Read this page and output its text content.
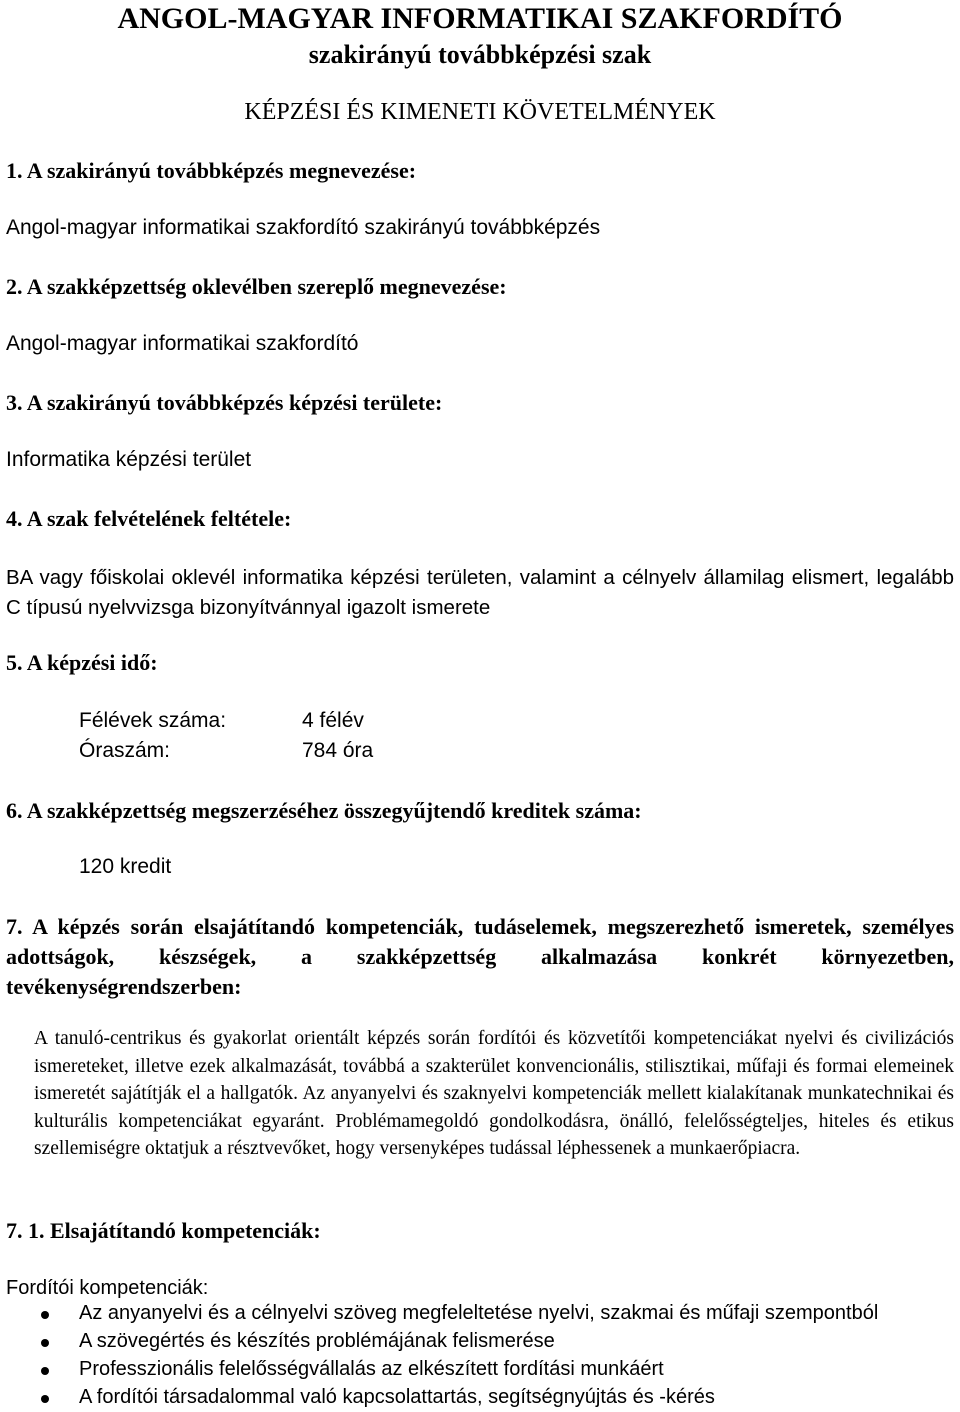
ANGOL-MAGYAR INFORMATIKAI SZAKFORDÍTÓ
szakirányú továbbképzési szak
KÉPZÉSI ÉS KIMENETI KÖVETELMÉNYEK
1. A szakirányú továbbképzés megnevezése:
Angol-magyar informatikai szakfordító szakirányú továbbképzés
2. A szakképzettség oklevélben szereplő megnevezése:
Angol-magyar informatikai szakfordító
3. A szakirányú továbbképzés képzési területe:
Informatika képzési terület
4. A szak felvételének feltétele:
BA vagy főiskolai oklevél informatika képzési területen, valamint a célnyelv államilag elismert, legalább C típusú nyelvvizsga bizonyítvánnyal igazolt ismerete
5. A képzési idő:
Félévek száma:	4 félév
Óraszám:	784 óra
6. A szakképzettség megszerzéséhez összegyűjtendő kreditek száma:
120 kredit
7. A képzés során elsajátítandó kompetenciák, tudáselemek, megszerezhető ismeretek, személyes adottságok, készségek, a szakképzettség alkalmazása konkrét környezetben, tevékenységrendszerben:
A tanuló-centrikus és gyakorlat orientált képzés során fordítói és közvetítői kompetenciákat nyelvi és civilizációs ismereteket, illetve ezek alkalmazását, továbbá a szakterület konvencionális, stilisztikai, műfaji és formai elemeinek ismeretét sajátítják el a hallgatók. Az anyanyelvi és szaknyelvi kompetenciák mellett kialakítanak munkatechnikai és kulturális kompetenciákat egyaránt. Problémamegoldó gondolkodásra, önálló, felelősségteljes, hiteles és etikus szellemiségre oktatjuk a résztvevőket, hogy versenyképes tudással léphessenek a munkaerőpiacra.
7. 1. Elsajátítandó kompetenciák:
Fordítói kompetenciák:
Az anyanyelvi és a célnyelvi szöveg megfeleltetése nyelvi, szakmai és műfaji szempontból
A szövegértés és készítés problémájának felismerése
Professzionális felelősségvállalás az elkészített fordítási munkáért
A fordítói társadalommal való kapcsolattartás, segítségnyújtás és -kérés
